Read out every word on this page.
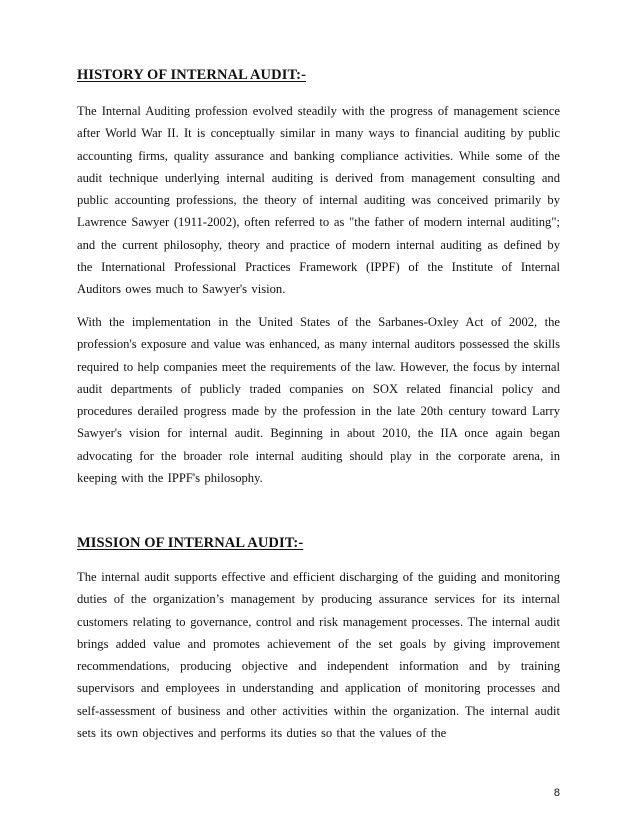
HISTORY OF INTERNAL AUDIT:-

The Internal Auditing profession evolved steadily with the progress of management science after World War II. It is conceptually similar in many ways to financial auditing by public accounting firms, quality assurance and banking compliance activities. While some of the audit technique underlying internal auditing is derived from management consulting and public accounting professions, the theory of internal auditing was conceived primarily by Lawrence Sawyer (1911-2002), often referred to as "the father of modern internal auditing"; and the current philosophy, theory and practice of modern internal auditing as defined by the International Professional Practices Framework (IPPF) of the Institute of Internal Auditors owes much to Sawyer's vision.

With the implementation in the United States of the Sarbanes-Oxley Act of 2002, the profession's exposure and value was enhanced, as many internal auditors possessed the skills required to help companies meet the requirements of the law. However, the focus by internal audit departments of publicly traded companies on SOX related financial policy and procedures derailed progress made by the profession in the late 20th century toward Larry Sawyer's vision for internal audit. Beginning in about 2010, the IIA once again began advocating for the broader role internal auditing should play in the corporate arena, in keeping with the IPPF's philosophy.

MISSION OF INTERNAL AUDIT:-

The internal audit supports effective and efficient discharging of the guiding and monitoring duties of the organization’s management by producing assurance services for its internal customers relating to governance, control and risk management processes. The internal audit brings added value and promotes achievement of the set goals by giving improvement recommendations, producing objective and independent information and by training supervisors and employees in understanding and application of monitoring processes and self-assessment of business and other activities within the organization. The internal audit sets its own objectives and performs its duties so that the values of the

8
